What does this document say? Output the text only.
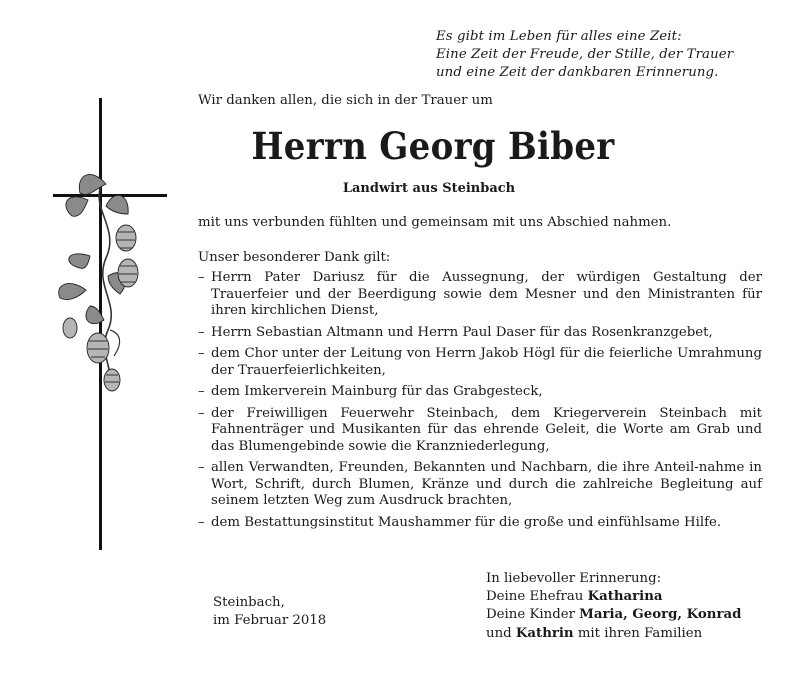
Es gibt im Leben für alles eine Zeit:
Eine Zeit der Freude, der Stille, der Trauer
und eine Zeit der dankbaren Erinnerung.
Wir danken allen, die sich in der Trauer um
Herrn Georg Biber
Landwirt aus Steinbach
mit uns verbunden fühlten und gemeinsam mit uns Abschied nahmen.
Unser besonderer Dank gilt:
– Herrn Pater Dariusz für die Aussegnung, der würdigen Gestaltung der Trauerfeier und der Beerdigung sowie dem Mesner und den Ministranten für ihren kirchlichen Dienst,
– Herrn Sebastian Altmann und Herrn Paul Daser für das Rosenkranzgebet,
– dem Chor unter der Leitung von Herrn Jakob Högl für die feierliche Umrahmung der Trauerfeierlichkeiten,
– dem Imkerverein Mainburg für das Grabgesteck,
– der Freiwilligen Feuerwehr Steinbach, dem Kriegerverein Steinbach mit Fahnenträger und Musikanten für das ehrende Geleit, die Worte am Grab und das Blumengebinde sowie die Kranzniederlegung,
– allen Verwandten, Freunden, Bekannten und Nachbarn, die ihre Anteil-nahme in Wort, Schrift, durch Blumen, Kränze und durch die zahlreiche Begleitung auf seinem letzten Weg zum Ausdruck brachten,
– dem Bestattungsinstitut Maushammer für die große und einfühlsame Hilfe.
Steinbach,
im Februar 2018
In liebevoller Erinnerung:
Deine Ehefrau Katharina
Deine Kinder Maria, Georg, Konrad
und Kathrin mit ihren Familien
